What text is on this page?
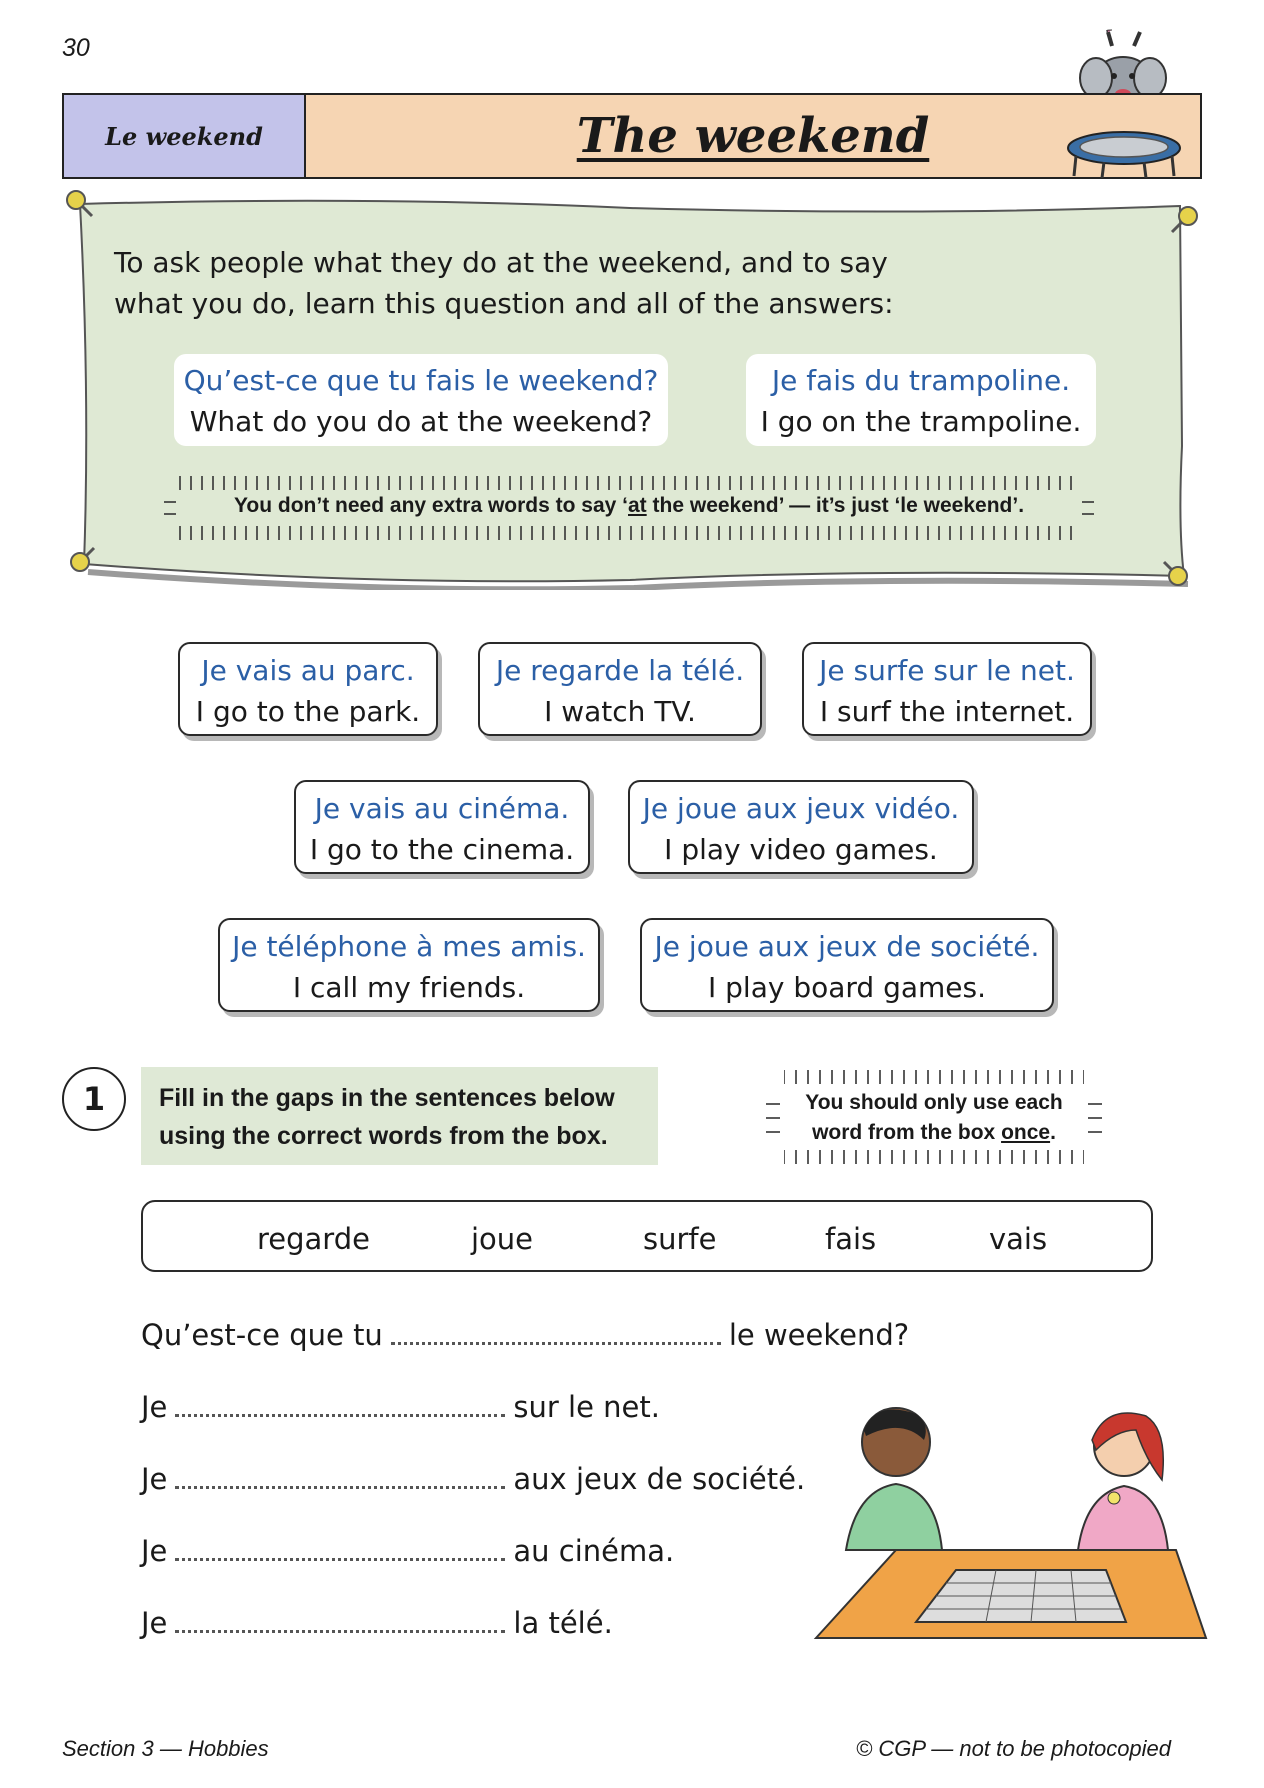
30
Le weekend	The weekend
To ask people what they do at the weekend, and to say
what you do, learn this question and all of the answers:
Qu’est-ce que tu fais le weekend?
What do you do at the weekend?
Je fais du trampoline.
I go on the trampoline.
You don’t need any extra words to say ‘at the weekend’ — it’s just ‘le weekend’.
Je vais au parc.
I go to the park.
Je regarde la télé.
I watch TV.
Je surfe sur le net.
I surf the internet.
Je vais au cinéma.
I go to the cinema.
Je joue aux jeux vidéo.
I play video games.
Je téléphone à mes amis.
I call my friends.
Je joue aux jeux de société.
I play board games.
1	Fill in the gaps in the sentences below
using the correct words from the box.
You should only use each
word from the box once.
regarde	joue	surfe	fais	vais
Qu’est-ce que tu	le weekend?
Je	sur le net.
Je	aux jeux de société.
Je	au cinéma.
Je	la télé.
Section 3 — Hobbies	© CGP — not to be photocopied
